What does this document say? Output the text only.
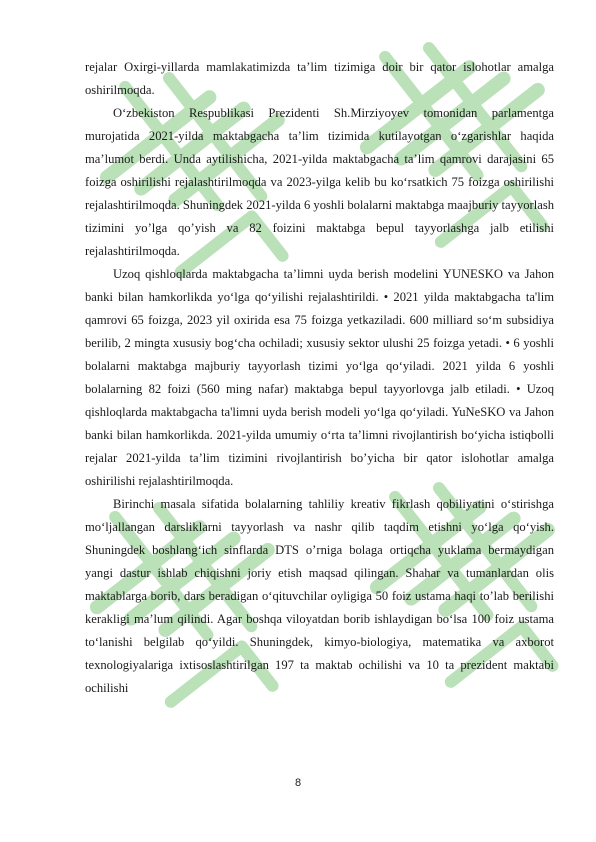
rejalar Oxirgi-yillarda mamlakatimizda ta’lim tizimiga doir bir qator islohotlar amalga oshirilmoqda.

O‘zbekiston Respublikasi Prezidenti Sh.Mirziyoyev tomonidan parlamentga murojatida 2021-yilda maktabgacha ta’lim tizimida kutilayotgan o‘zgarishlar haqida ma’lumot berdi. Unda aytilishicha, 2021-yilda maktabgacha ta’lim qamrovi darajasini 65 foizga oshirilishi rejalashtirilmoqda va 2023-yilga kelib bu ko‘rsatkich 75 foizga oshirilishi rejalashtirilmoqda. Shuningdek 2021-yilda 6 yoshli bolalarni maktabga maajburiy tayyorlash tizimini yo’lga qo’yish va 82 foizini maktabga bepul tayyorlashga jalb etilishi rejalashtirilmoqda.

Uzoq qishloqlarda maktabgacha ta’limni uyda berish modelini YUNESKO va Jahon banki bilan hamkorlikda yo‘lga qo‘yilishi rejalashtirildi. • 2021 yilda maktabgacha ta'lim qamrovi 65 foizga, 2023 yil oxirida esa 75 foizga yetkaziladi. 600 milliard so‘m subsidiya berilib, 2 mingta xususiy bog‘cha ochiladi; xususiy sektor ulushi 25 foizga yetadi. • 6 yoshli bolalarni maktabga majburiy tayyorlash tizimi yo‘lga qo‘yiladi. 2021 yilda 6 yoshli bolalarning 82 foizi (560 ming nafar) maktabga bepul tayyorlovga jalb etiladi. • Uzoq qishloqlarda maktabgacha ta'limni uyda berish modeli yo‘lga qo‘yiladi. YuNeSKO va Jahon banki bilan hamkorlikda. 2021-yilda umumiy o‘rta ta’limni rivojlantirish bo‘yicha istiqbolli rejalar 2021-yilda ta’lim tizimini rivojlantirish bo’yicha bir qator islohotlar amalga oshirilishi rejalashtirilmoqda.

Birinchi masala sifatida bolalarning tahliliy kreativ fikrlash qobiliyatini o‘stirishga mo‘ljallangan darsliklarni tayyorlash va nashr qilib taqdim etishni yo‘lga qo‘yish. Shuningdek boshlang‘ich sinflarda DTS o’rniga bolaga ortiqcha yuklama bermaydigan yangi dastur ishlab chiqishni joriy etish maqsad qilingan. Shahar va tumanlardan olis maktablarga borib, dars beradigan o‘qituvchilar oyligiga 50 foiz ustama haqi to’lab berilishi kerakligi ma’lum qilindi. Agar boshqa viloyatdan borib ishlaydigan bo‘lsa 100 foiz ustama to‘lanishi belgilab qo‘yildi. Shuningdek, kimyo-biologiya, matematika va axborot texnologiyalariga ixtisoslashtirilgan 197 ta maktab ochilishi va 10 ta prezident maktabi ochilishi

8
